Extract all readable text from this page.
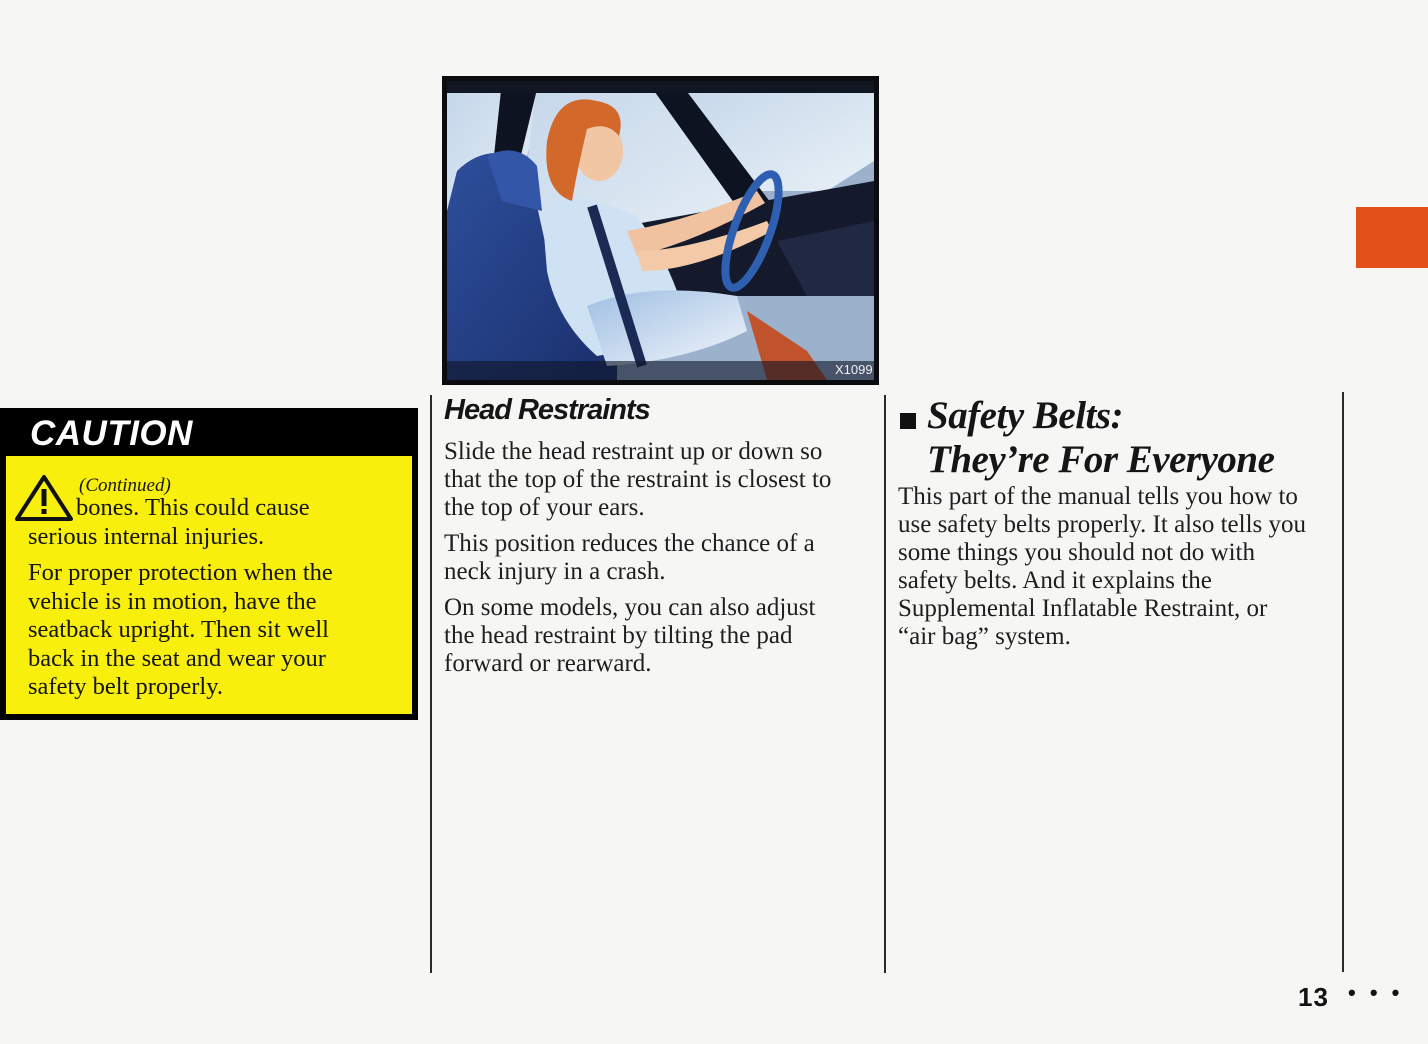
CAUTION
(Continued)
bones. This could cause
serious internal injuries.
For proper protection when the
vehicle is in motion, have the
seatback upright. Then sit well
back in the seat and wear your
safety belt properly.
X1099
Head Restraints

Slide the head restraint up or down so
that the top of the restraint is closest to
the top of your ears.

This position reduces the chance of a
neck injury in a crash.

On some models, you can also adjust
the head restraint by tilting the pad
forward or rearward.

Safety Belts:
They’re For Everyone

This part of the manual tells you how to
use safety belts properly. It also tells you
some things you should not do with
safety belts. And it explains the
Supplemental Inflatable Restraint, or
“air bag” system.

13 • • •
